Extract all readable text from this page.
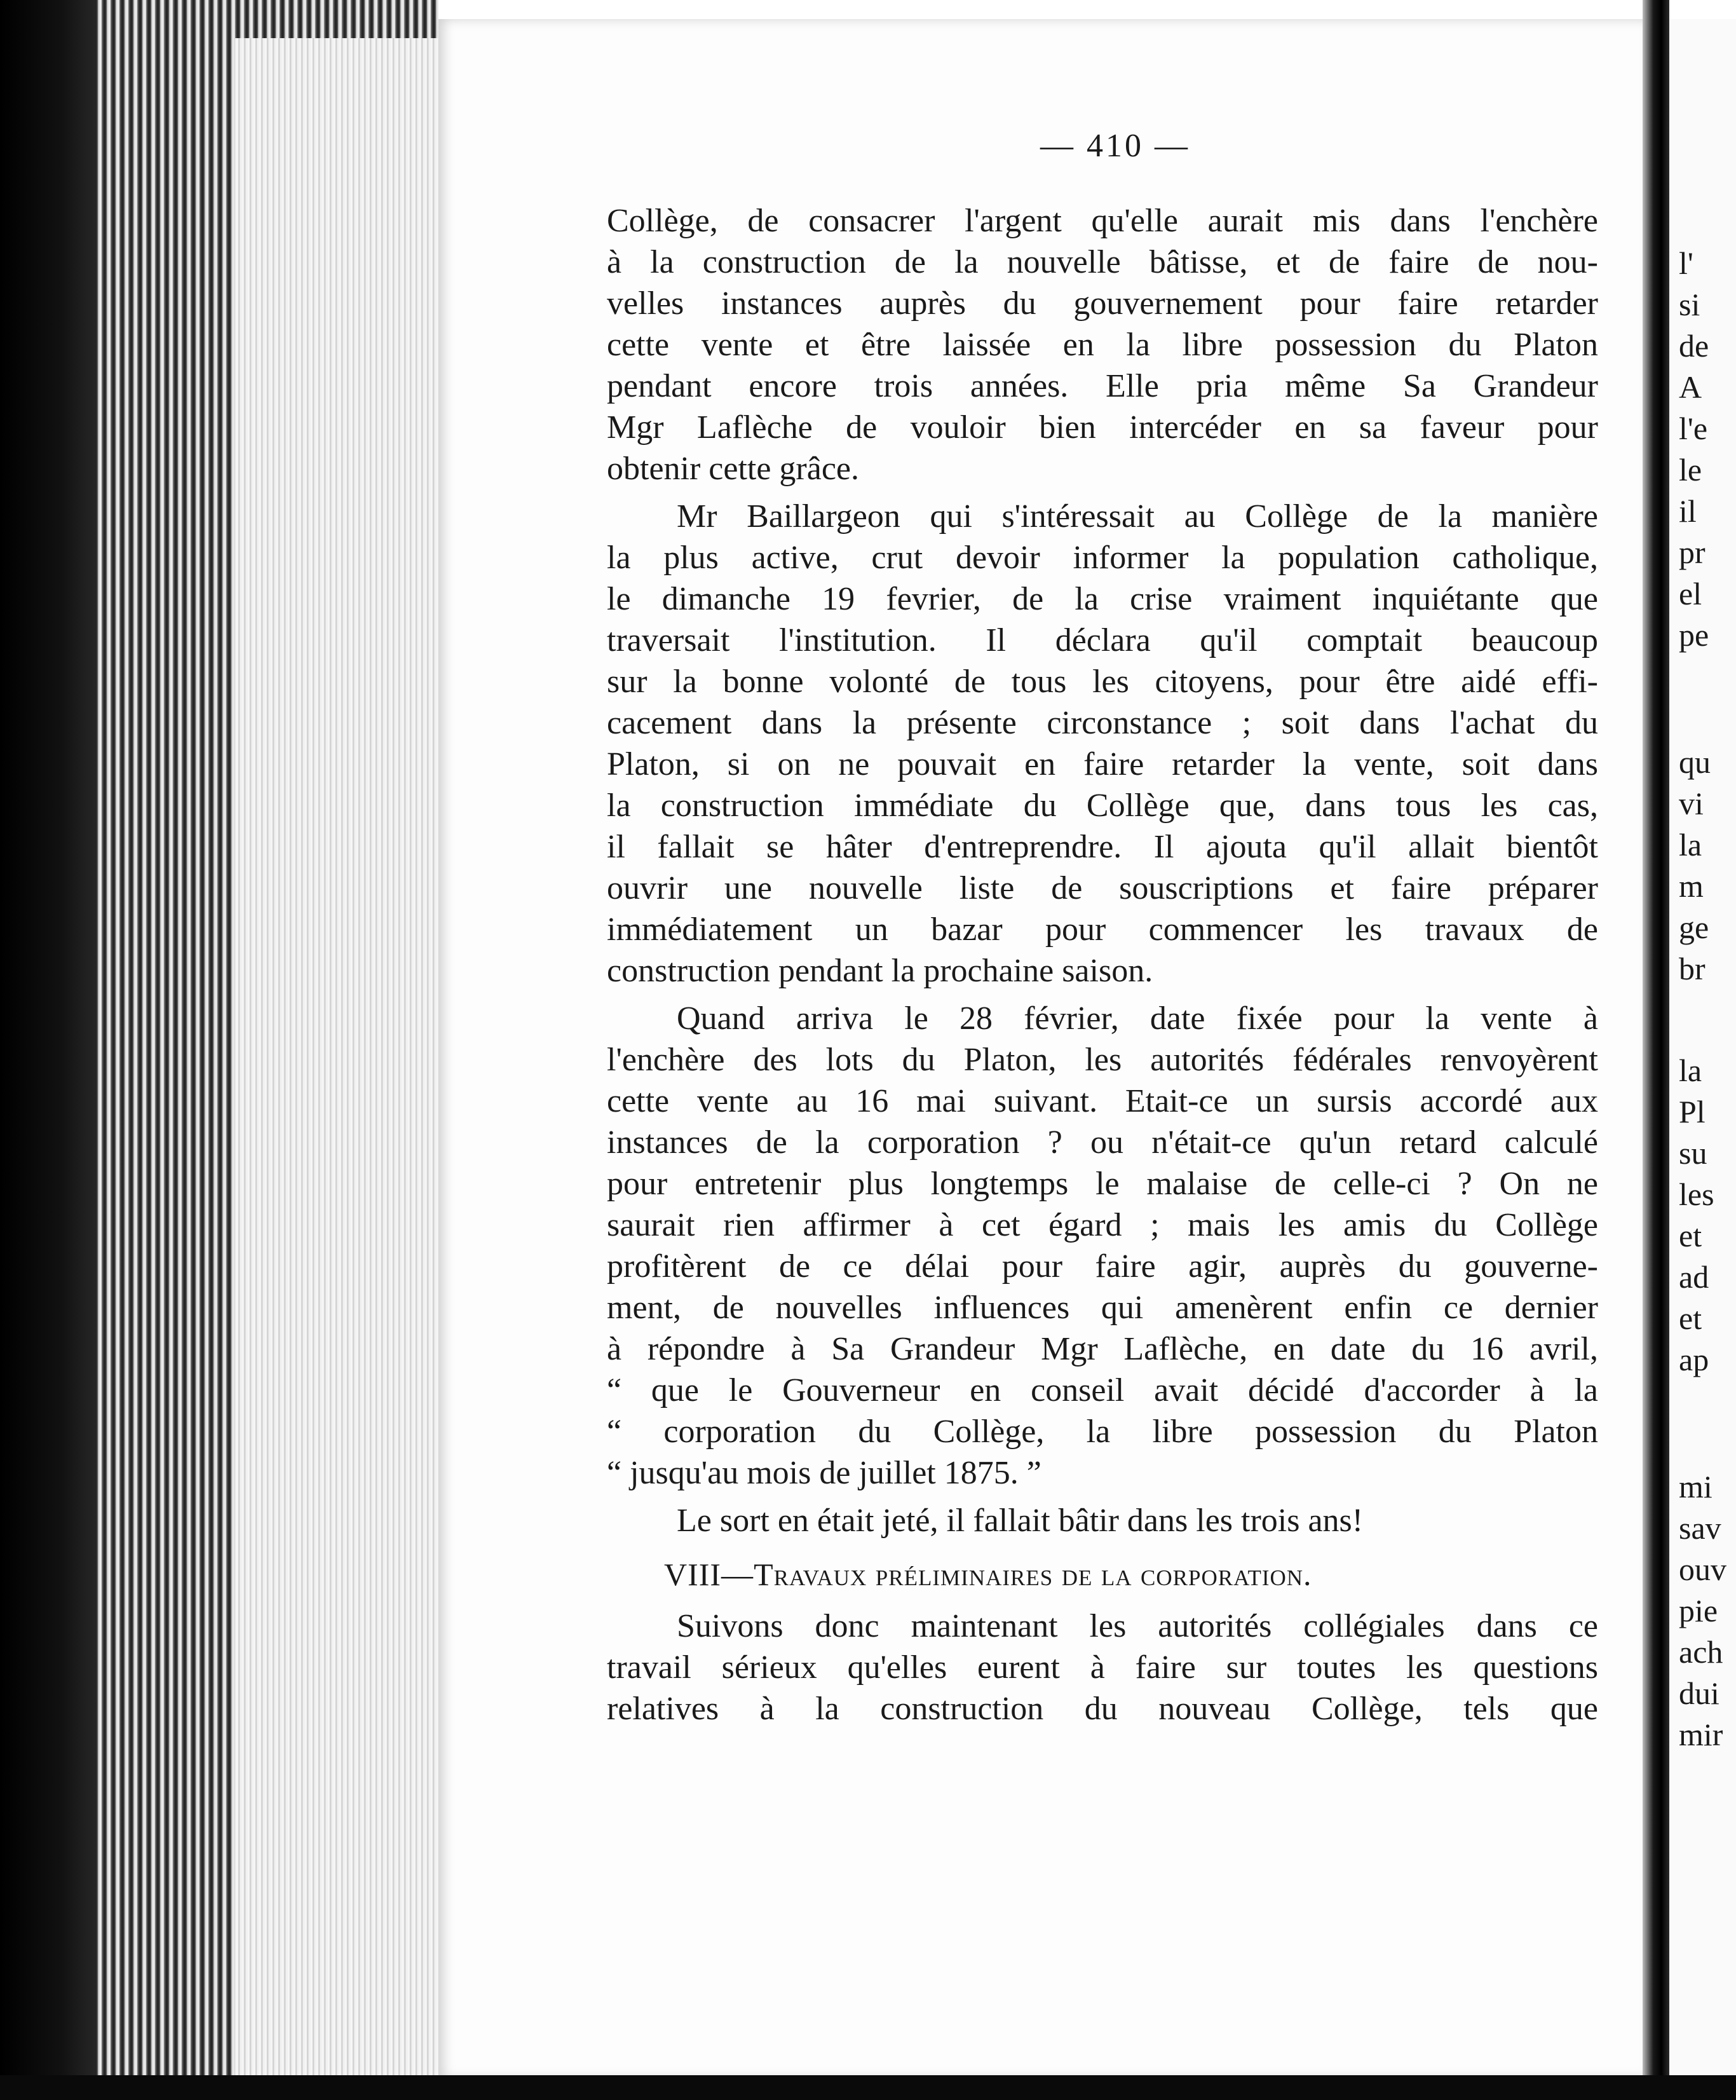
— 410 —
Collège, de consacrer l'argent qu'elle aurait mis dans l'enchère
à la construction de la nouvelle bâtisse, et de faire de nou-
velles instances auprès du gouvernement pour faire retarder
cette vente et être laissée en la libre possession du Platon
pendant encore trois années. Elle pria même Sa Grandeur
Mgr Laflèche de vouloir bien intercéder en sa faveur pour
obtenir cette grâce.
Mr Baillargeon qui s'intéressait au Collège de la manière
la plus active, crut devoir informer la population catholique,
le dimanche 19 fevrier, de la crise vraiment inquiétante que
traversait l'institution. Il déclara qu'il comptait beaucoup
sur la bonne volonté de tous les citoyens, pour être aidé effi-
cacement dans la présente circonstance ; soit dans l'achat du
Platon, si on ne pouvait en faire retarder la vente, soit dans
la construction immédiate du Collège que, dans tous les cas,
il fallait se hâter d'entreprendre. Il ajouta qu'il allait bientôt
ouvrir une nouvelle liste de souscriptions et faire préparer
immédiatement un bazar pour commencer les travaux de
construction pendant la prochaine saison.
Quand arriva le 28 février, date fixée pour la vente à
l'enchère des lots du Platon, les autorités fédérales renvoyèrent
cette vente au 16 mai suivant. Etait-ce un sursis accordé aux
instances de la corporation ? ou n'était-ce qu'un retard calculé
pour entretenir plus longtemps le malaise de celle-ci ? On ne
saurait rien affirmer à cet égard ; mais les amis du Collège
profitèrent de ce délai pour faire agir, auprès du gouverne-
ment, de nouvelles influences qui amenèrent enfin ce dernier
à répondre à Sa Grandeur Mgr Laflèche, en date du 16 avril,
“ que le Gouverneur en conseil avait décidé d'accorder à la
“ corporation du Collège, la libre possession du Platon
“ jusqu'au mois de juillet 1875. ”
Le sort en était jeté, il fallait bâtir dans les trois ans!
VIII—Travaux préliminaires de la corporation.
Suivons donc maintenant les autorités collégiales dans ce
travail sérieux qu'elles eurent à faire sur toutes les questions
relatives à la construction du nouveau Collège, tels que
l'
si
de
A
l'e
le
il
pr
el
pe
qu
vi
la
m
ge
br
la
Pl
su
les
et
ad
et
ap
mi
sav
ouv
pie
ach
dui
mir
